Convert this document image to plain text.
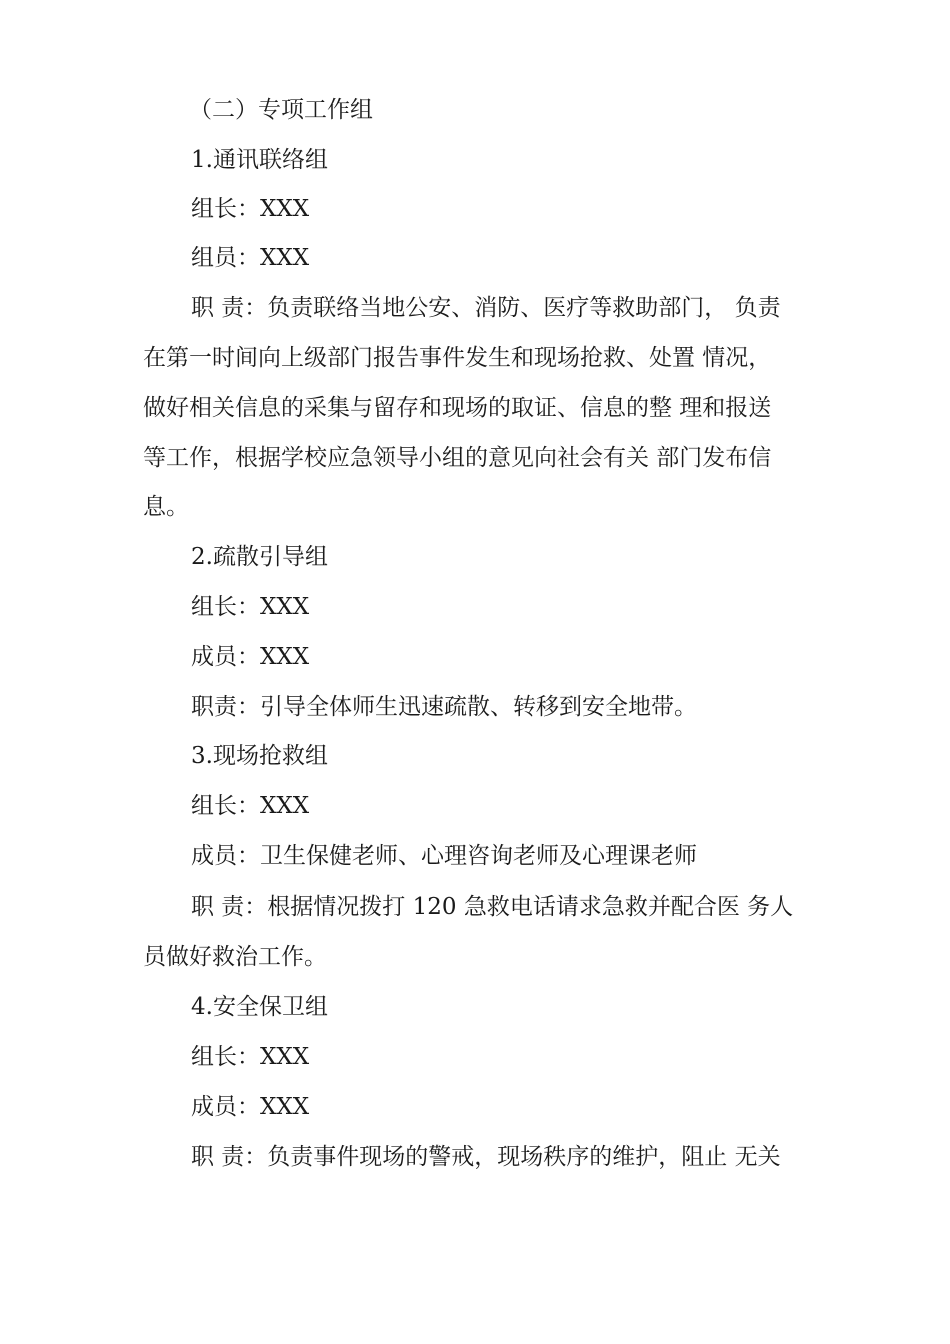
（二）专项工作组
1.通讯联络组
组长：XXX
组员：XXX
职 责：负责联络当地公安、消防、医疗等救助部门， 负责
在第一时间向上级部门报告事件发生和现场抢救、处置 情况，
做好相关信息的采集与留存和现场的取证、信息的整 理和报送
等工作，根据学校应急领导小组的意见向社会有关 部门发布信
息。
2.疏散引导组
组长：XXX
成员：XXX
职责：引导全体师生迅速疏散、转移到安全地带。
3.现场抢救组
组长：XXX
成员：卫生保健老师、心理咨询老师及心理课老师
职 责：根据情况拨打 120 急救电话请求急救并配合医 务人
员做好救治工作。
4.安全保卫组
组长：XXX
成员：XXX
职 责：负责事件现场的警戒，现场秩序的维护，阻止 无关
